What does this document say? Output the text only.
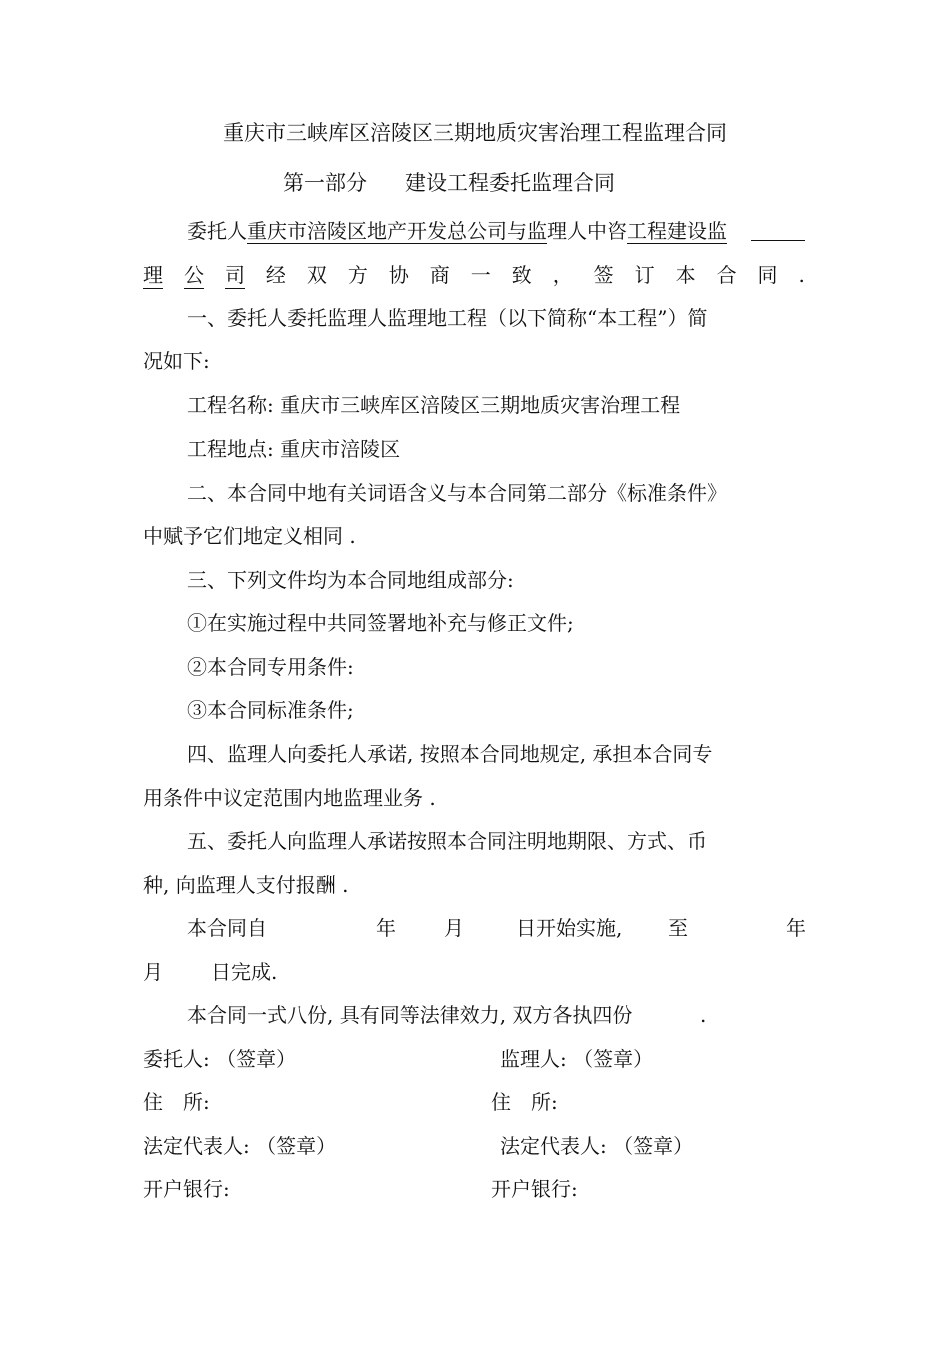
重庆市三峡库区涪陵区三期地质灾害治理工程监理合同
第一部分 建设工程委托监理合同
委托人重庆市涪陵区地产开发总公司与监理人中咨工程建设监
理 公 司 经 双 方 协 商 一 致 ， 签 订 本 合 同 .
一、委托人委托监理人监理地工程（以下简称“本工程”）简
况如下:
工程名称: 重庆市三峡库区涪陵区三期地质灾害治理工程
工程地点: 重庆市涪陵区
二、本合同中地有关词语含义与本合同第二部分《标准条件》
中赋予它们地定义相同 .
三、下列文件均为本合同地组成部分:
①在实施过程中共同签署地补充与修正文件;
②本合同专用条件:
③本合同标准条件;
四、监理人向委托人承诺, 按照本合同地规定, 承担本合同专
用条件中议定范围内地监理业务 .
五、委托人向监理人承诺按照本合同注明地期限、方式、币
种, 向监理人支付报酬 .
本合同自	年 月	日开始实施, 至	年
月 日完成.
本合同一式八份, 具有同等法律效力, 双方各执四份	.
委托人: （签章）	监理人: （签章）
住　所:	住　所:
法定代表人: （签章）	法定代表人: （签章）
开户银行:	开户银行:
